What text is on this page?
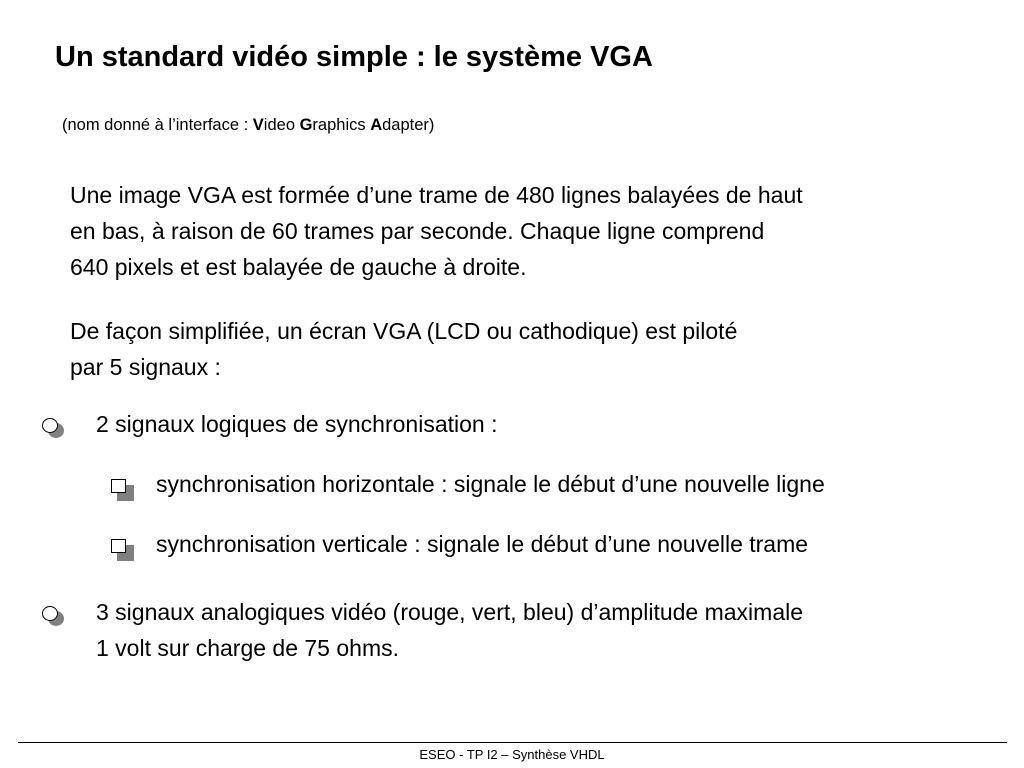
Un standard vidéo simple : le système VGA
(nom donné à l’interface : Video Graphics Adapter)
Une image VGA est formée d’une trame de 480 lignes balayées de haut
en bas, à raison de 60 trames par seconde. Chaque ligne comprend
640 pixels et est balayée de gauche à droite.
De façon simplifiée, un écran VGA (LCD ou cathodique) est piloté
par 5 signaux :
2 signaux logiques de synchronisation :
synchronisation horizontale : signale le début d’une nouvelle ligne
synchronisation verticale : signale le début d’une nouvelle trame
3 signaux analogiques vidéo (rouge, vert, bleu) d’amplitude maximale
1 volt sur charge de 75 ohms.
ESEO - TP I2 – Synthèse VHDL
